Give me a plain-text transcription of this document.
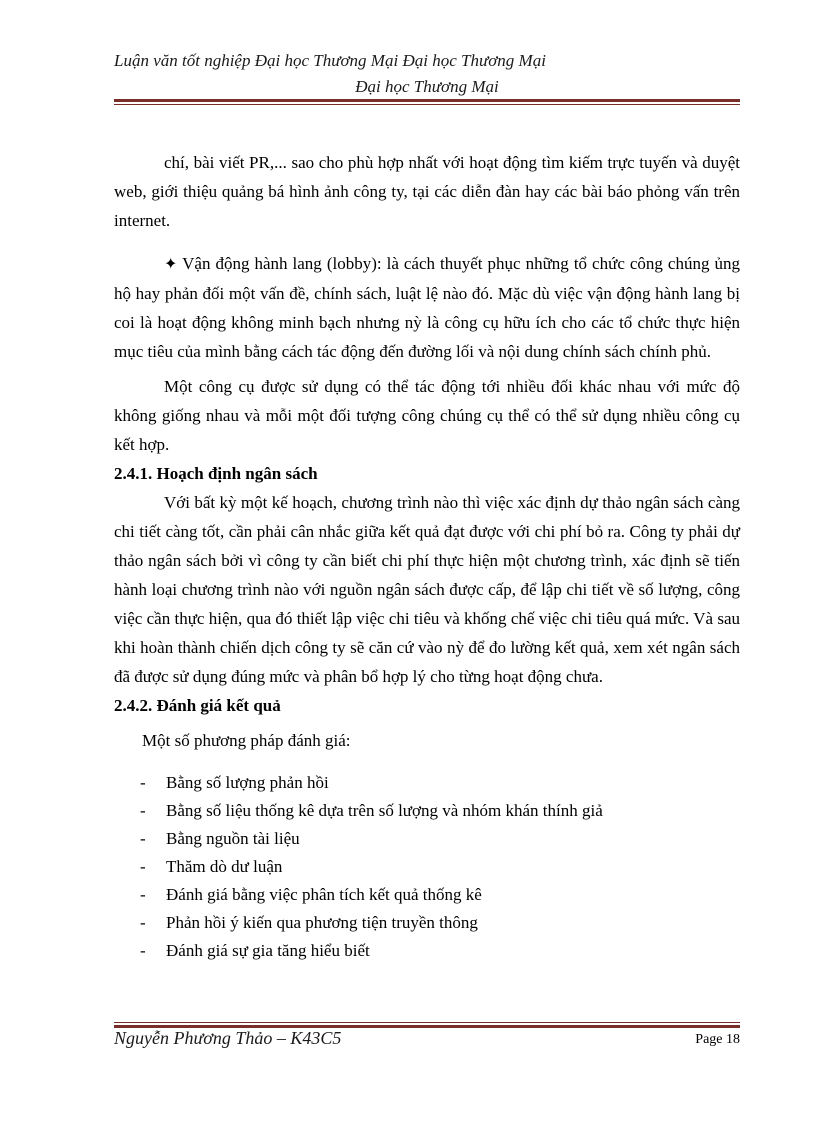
Luận văn tốt nghiệp Đại học Thương Mại Đại học Thương Mại
Đại học Thương Mại

chí, bài viết PR,... sao cho phù hợp nhất với hoạt động tìm kiếm trực tuyến và duyệt web, giới thiệu quảng bá hình ảnh công ty, tại các diễn đàn hay các bài báo phỏng vấn trên internet.

✦ Vận động hành lang (lobby): là cách thuyết phục những tổ chức công chúng ủng hộ hay phản đối một vấn đề, chính sách, luật lệ nào đó. Mặc dù việc vận động hành lang bị coi là hoạt động không minh bạch nhưng nỳ là công cụ hữu ích cho các tổ chức thực hiện mục tiêu của mình bằng cách tác động đến đường lối và nội dung chính sách chính phủ.

Một công cụ được sử dụng có thể tác động tới nhiều đối khác nhau với mức độ không giống nhau và mỗi một đối tượng công chúng cụ thể có thể sử dụng nhiều công cụ kết hợp.

2.4.1. Hoạch định ngân sách

Với bất kỳ một kế hoạch, chương trình nào thì việc xác định dự thảo ngân sách càng chi tiết càng tốt, cần phải cân nhắc giữa kết quả đạt được với chi phí bỏ ra. Công ty phải dự thảo ngân sách bởi vì công ty cần biết chi phí thực hiện một chương trình, xác định sẽ tiến hành loại chương trình nào với nguồn ngân sách được cấp, để lập chi tiết về số lượng, công việc cần thực hiện, qua đó thiết lập việc chi tiêu và khống chế việc chi tiêu quá mức. Và sau khi hoàn thành chiến dịch công ty sẽ căn cứ vào nỳ để đo lường kết quả, xem xét ngân sách đã được sử dụng đúng mức và phân bổ hợp lý cho từng hoạt động chưa.

2.4.2. Đánh giá kết quả

Một số phương pháp đánh giá:

- Bằng số lượng phản hồi
- Bằng số liệu thống kê dựa trên số lượng và nhóm khán thính giả
- Bằng nguồn tài liệu
- Thăm dò dư luận
- Đánh giá bằng việc phân tích kết quả thống kê
- Phản hồi ý kiến qua phương tiện truyền thông
- Đánh giá sự gia tăng hiểu biết
Nguyễn Phương Thảo – K43C5	Page 18
